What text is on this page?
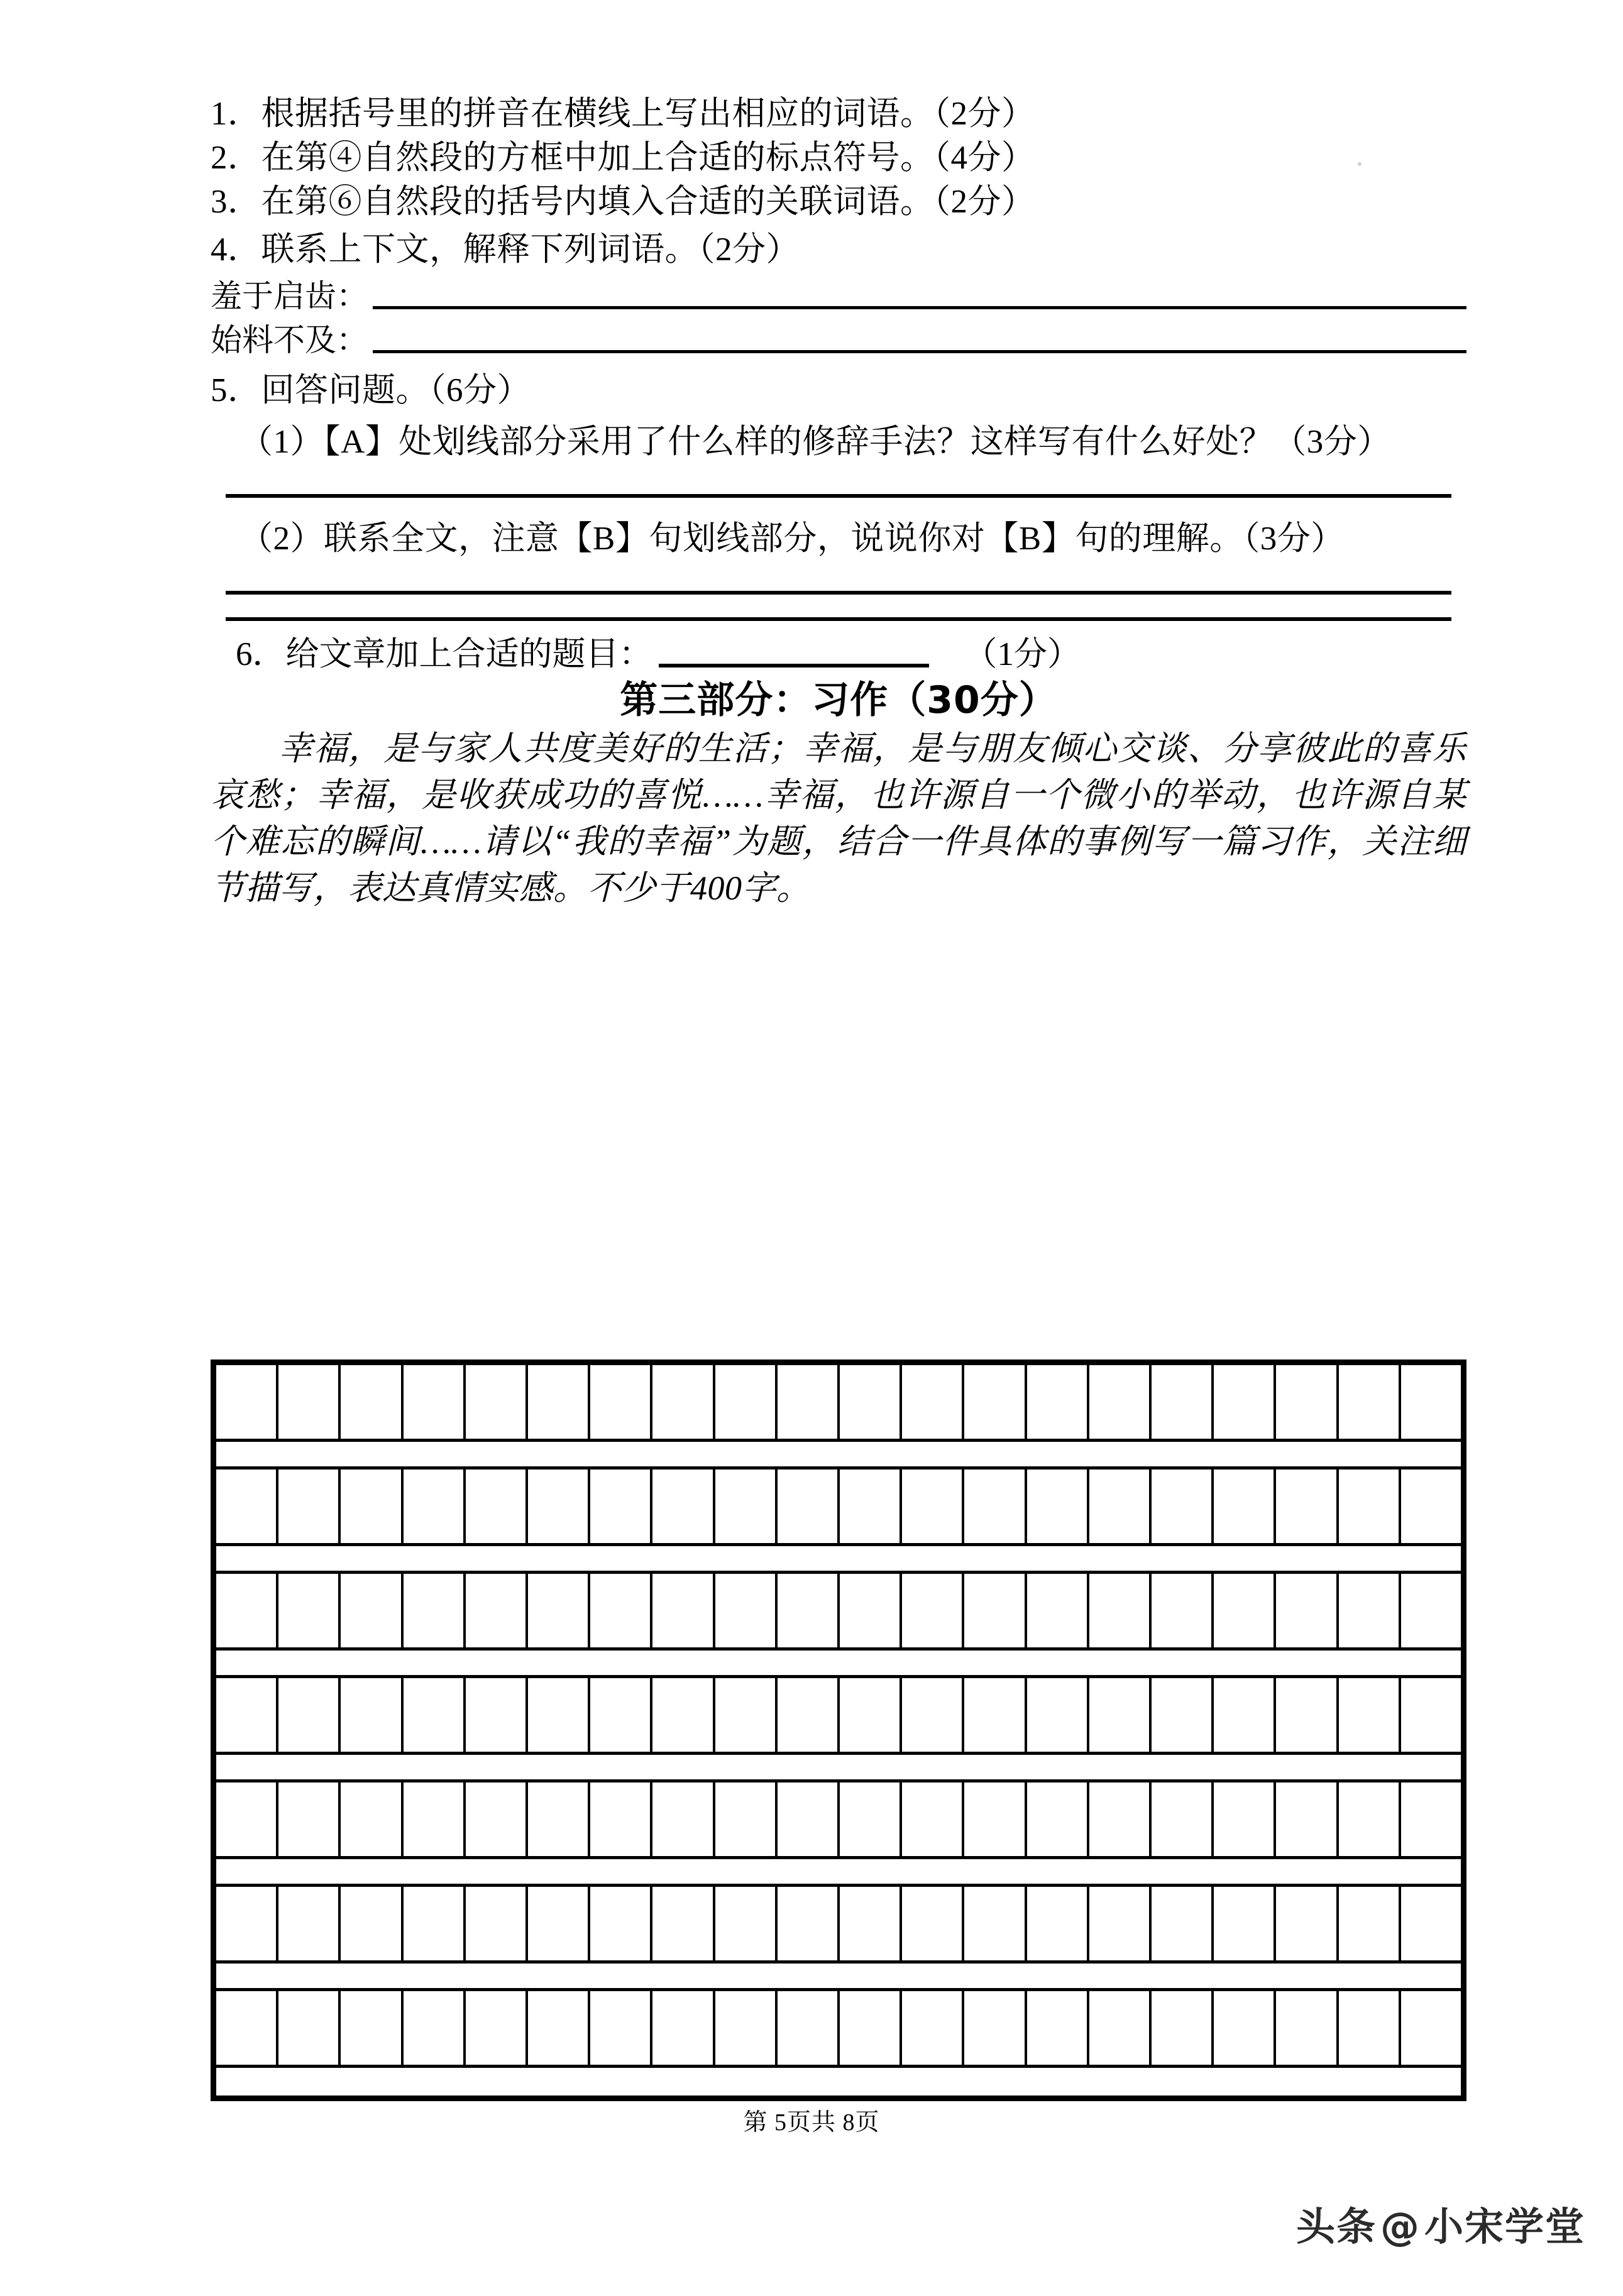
1．根据括号里的拼音在横线上写出相应的词语。（2分）
2．在第④自然段的方框中加上合适的标点符号。（4分）
3．在第⑥自然段的括号内填入合适的关联词语。（2分）
4．联系上下文，解释下列词语。（2分）
羞于启齿：
始料不及：
5．回答问题。（6分）
（1）【A】处划线部分采用了什么样的修辞手法？这样写有什么好处？（3分）
（2）联系全文，注意【B】句划线部分，说说你对【B】句的理解。（3分）
6．给文章加上合适的题目：	（1分）
第三部分：习作（30分）
幸福，是与家人共度美好的生活；幸福，是与朋友倾心交谈、分享彼此的喜乐哀愁；幸福，是收获成功的喜悦……幸福，也许源自一个微小的举动，也许源自某个难忘的瞬间……请以“我的幸福”为题，结合一件具体的事例写一篇习作，关注细节描写，表达真情实感。不少于400字。
第 5页共 8页
头条@小宋学堂
